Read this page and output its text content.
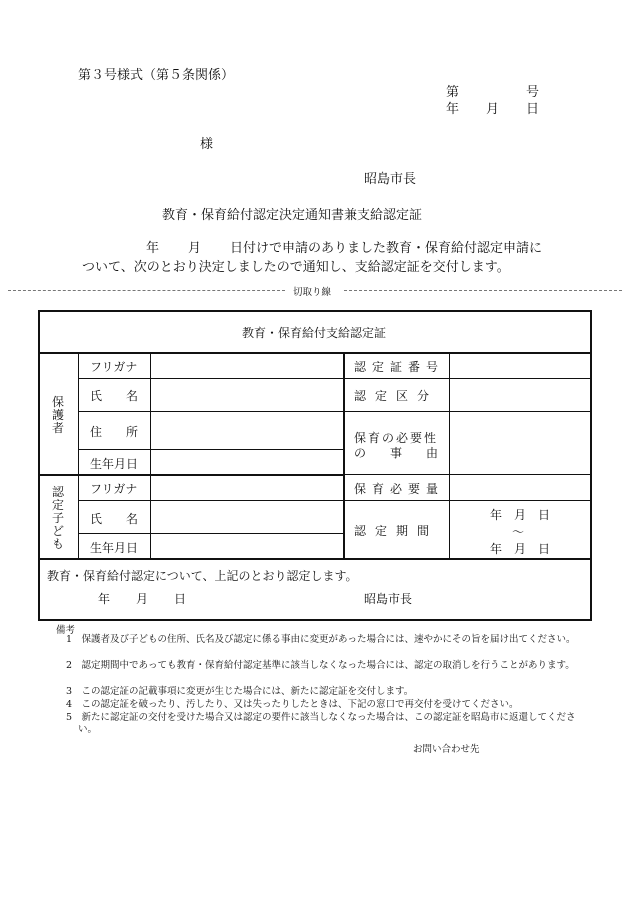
第３号様式（第５条関係）
第	号
年 月 日
様
昭島市長
教育・保育給付認定決定通知書兼支給認定証
年 月 日付けで申請のありました教育・保育給付認定申請に
ついて、次のとおり決定しましたので通知し、支給認定証を交付します。
切取り線
教育・保育給付支給認定証
保護者
認定子ども
フリガナ
氏　　名
住　　所
生年月日
フリガナ
氏　　名
生年月日
認定証番号
認定区分
保育の必要性
の　　事　　由
保育必要量
認定期間
年　月　日
～
年　月　日
教育・保育給付認定について、上記のとおり認定します。
年 月 日	昭島市長
備考
1　保護者及び子どもの住所、氏名及び認定に係る事由に変更があった場合には、速やかにその旨を届け出てください。
2　認定期間中であっても教育・保育給付認定基準に該当しなくなった場合には、認定の取消しを行うことがあります。
3　この認定証の記載事項に変更が生じた場合には、新たに認定証を交付します。
4　この認定証を破ったり、汚したり、又は失ったりしたときは、下記の窓口で再交付を受けてください。
5　新たに認定証の交付を受けた場合又は認定の要件に該当しなくなった場合は、この認定証を昭島市に返還してください。
お問い合わせ先
